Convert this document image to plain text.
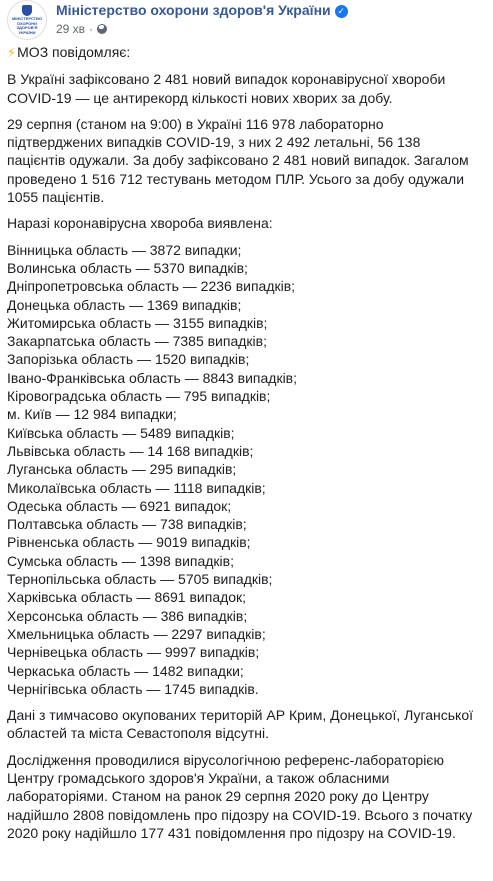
МІНІСТЕРСТВО
ОХОРОНИ
ЗДОРОВ'Я
УКРАЇНИ
Міністерство охорони здоров'я України ✓
29 хв ·
⚡МОЗ повідомляє:
В Україні зафіксовано 2 481 новий випадок коронавірусної хвороби
COVID-19 — це антирекорд кількості нових хворих за добу.
29 серпня (станом на 9:00) в Україні 116 978 лабораторно
підтверджених випадків COVID-19, з них 2 492 летальні, 56 138
пацієнтів одужали. За добу зафіксовано 2 481 новий випадок. Загалом
проведено 1 516 712 тестувань методом ПЛР. Усього за добу одужали
1055 пацієнтів.
Наразі коронавірусна хвороба виявлена:
Вінницька область — 3872 випадки;
Волинська область — 5370 випадків;
Дніпропетровська область — 2236 випадків;
Донецька область — 1369 випадків;
Житомирська область — 3155 випадків;
Закарпатська область — 7385 випадків;
Запорізька область — 1520 випадків;
Івано-Франківська область — 8843 випадків;
Кіровоградська область — 795 випадків;
м. Київ — 12 984 випадки;
Київська область — 5489 випадків;
Львівська область — 14 168 випадків;
Луганська область — 295 випадків;
Миколаївська область — 1118 випадків;
Одеська область — 6921 випадок;
Полтавська область — 738 випадків;
Рівненська область — 9019 випадків;
Сумська область — 1398 випадків;
Тернопільська область — 5705 випадків;
Харківська область — 8691 випадок;
Херсонська область — 386 випадків;
Хмельницька область — 2297 випадків;
Чернівецька область — 9997 випадків;
Черкаська область — 1482 випадки;
Чернігівська область — 1745 випадків.
Дані з тимчасово окупованих територій АР Крим, Донецької, Луганської
областей та міста Севастополя відсутні.
Дослідження проводилися вірусологічною референс-лабораторією
Центру громадського здоров'я України, а також обласними
лабораторіями. Станом на ранок 29 серпня 2020 року до Центру
надійшло 2808 повідомлень про підозру на COVID-19. Всього з початку
2020 року надійшло 177 431 повідомлення про підозру на COVID-19.
